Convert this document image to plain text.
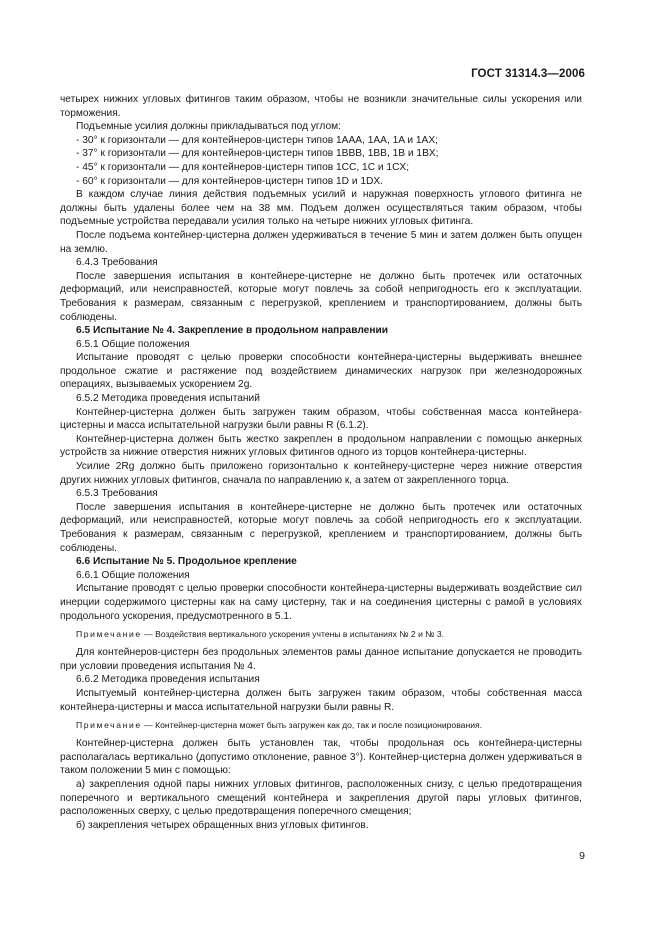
ГОСТ 31314.3—2006

четырех нижних угловых фитингов таким образом, чтобы не возникли значительные силы ускорения или торможения.

Подъемные усилия должны прикладываться под углом:

- 30° к горизонтали — для контейнеров-цистерн типов 1AAA, 1AA, 1A и 1AX;

- 37° к горизонтали — для контейнеров-цистерн типов 1BBB, 1BB, 1B и 1BX;

- 45° к горизонтали — для контейнеров-цистерн типов 1CC, 1C и 1CX;

- 60° к горизонтали — для контейнеров-цистерн типов 1D и 1DX.

В каждом случае линия действия подъемных усилий и наружная поверхность углового фитинга не должны быть удалены более чем на 38 мм. Подъем должен осуществляться таким образом, чтобы подъемные устройства передавали усилия только на четыре нижних угловых фитинга.

После подъема контейнер-цистерна должен удерживаться в течение 5 мин и затем должен быть опущен на землю.

6.4.3 Требования

После завершения испытания в контейнере-цистерне не должно быть протечек или остаточных деформаций, или неисправностей, которые могут повлечь за собой непригодность его к эксплуатации. Требования к размерам, связанным с перегрузкой, креплением и транспортированием, должны быть соблюдены.

6.5 Испытание № 4. Закрепление в продольном направлении

6.5.1 Общие положения

Испытание проводят с целью проверки способности контейнера-цистерны выдерживать внешнее продольное сжатие и растяжение под воздействием динамических нагрузок при железнодорожных операциях, вызываемых ускорением 2g.

6.5.2 Методика проведения испытаний

Контейнер-цистерна должен быть загружен таким образом, чтобы собственная масса контейнера-цистерны и масса испытательной нагрузки были равны R (6.1.2).

Контейнер-цистерна должен быть жестко закреплен в продольном направлении с помощью анкерных устройств за нижние отверстия нижних угловых фитингов одного из торцов контейнера-цистерны.

Усилие 2Rg должно быть приложено горизонтально к контейнеру-цистерне через нижние отверстия других нижних угловых фитингов, сначала по направлению к, а затем от закрепленного торца.

6.5.3 Требования

После завершения испытания в контейнере-цистерне не должно быть протечек или остаточных деформаций, или неисправностей, которые могут повлечь за собой непригодность его к эксплуатации. Требования к размерам, связанным с перегрузкой, креплением и транспортированием, должны быть соблюдены.

6.6 Испытание № 5. Продольное крепление

6.6.1 Общие положения

Испытание проводят с целью проверки способности контейнера-цистерны выдерживать воздействие сил инерции содержимого цистерны как на саму цистерну, так и на соединения цистерны с рамой в условиях продольного ускорения, предусмотренного в 5.1.

Примечание — Воздействия вертикального ускорения учтены в испытаниях № 2 и № 3.

Для контейнеров-цистерн без продольных элементов рамы данное испытание допускается не проводить при условии проведения испытания № 4.

6.6.2 Методика проведения испытания

Испытуемый контейнер-цистерна должен быть загружен таким образом, чтобы собственная масса контейнера-цистерны и масса испытательной нагрузки были равны R.

Примечание — Контейнер-цистерна может быть загружен как до, так и после позиционирования.

Контейнер-цистерна должен быть установлен так, чтобы продольная ось контейнера-цистерны располагалась вертикально (допустимо отклонение, равное 3°). Контейнер-цистерна должен удерживаться в таком положении 5 мин с помощью:

а) закрепления одной пары нижних угловых фитингов, расположенных снизу, с целью предотвращения поперечного и вертикального смещений контейнера и закрепления другой пары угловых фитингов, расположенных сверху, с целью предотвращения поперечного смещения;

б) закрепления четырех обращенных вниз угловых фитингов.

9
